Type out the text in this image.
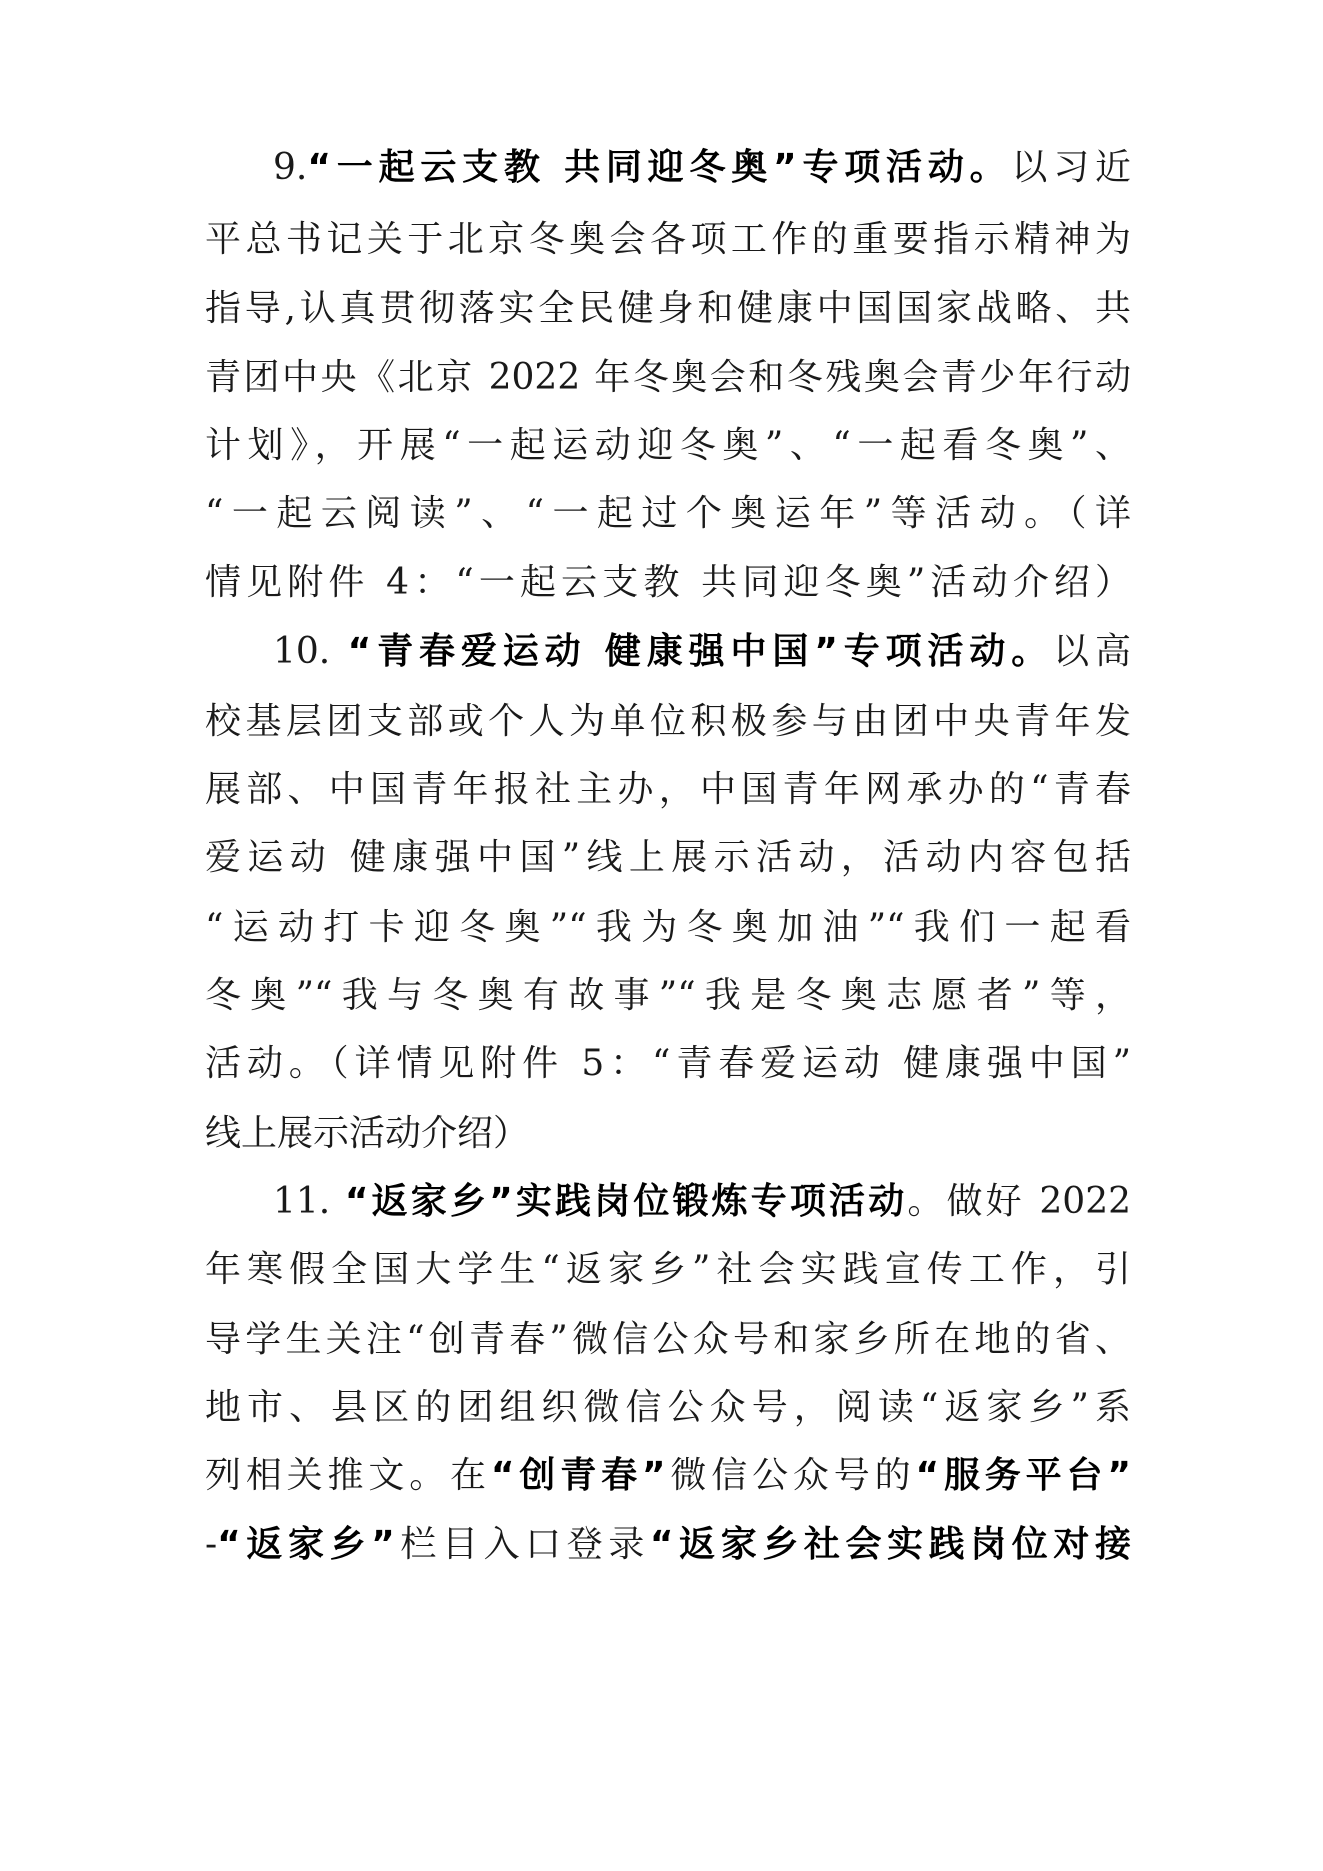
9.“一起云支教 共同迎冬奥”专项活动。以习近
平总书记关于北京冬奥会各项工作的重要指示精神为
指导,认真贯彻落实全民健身和健康中国国家战略、共
青团中央《北京 2022 年冬奥会和冬残奥会青少年行动
计划》，开展“一起运动迎冬奥”、“一起看冬奥”、
“一起云阅读”、“一起过个奥运年”等活动。（详
情见附件 4：“一起云支教 共同迎冬奥”活动介绍）
10. “青春爱运动 健康强中国”专项活动。以高
校基层团支部或个人为单位积极参与由团中央青年发
展部、中国青年报社主办，中国青年网承办的“青春
爱运动 健康强中国”线上展示活动，活动内容包括
“运动打卡迎冬奥”“我为冬奥加油”“我们一起看
冬奥”“我与冬奥有故事”“我是冬奥志愿者”等，
活动。（详情见附件 5：“青春爱运动 健康强中国”
线上展示活动介绍）
11. “返家乡”实践岗位锻炼专项活动。做好 2022
年寒假全国大学生“返家乡”社会实践宣传工作，引
导学生关注“创青春”微信公众号和家乡所在地的省、
地市、县区的团组织微信公众号，阅读“返家乡”系
列相关推文。在“创青春”微信公众号的“服务平台”
-“返家乡”栏目入口登录“返家乡社会实践岗位对接
